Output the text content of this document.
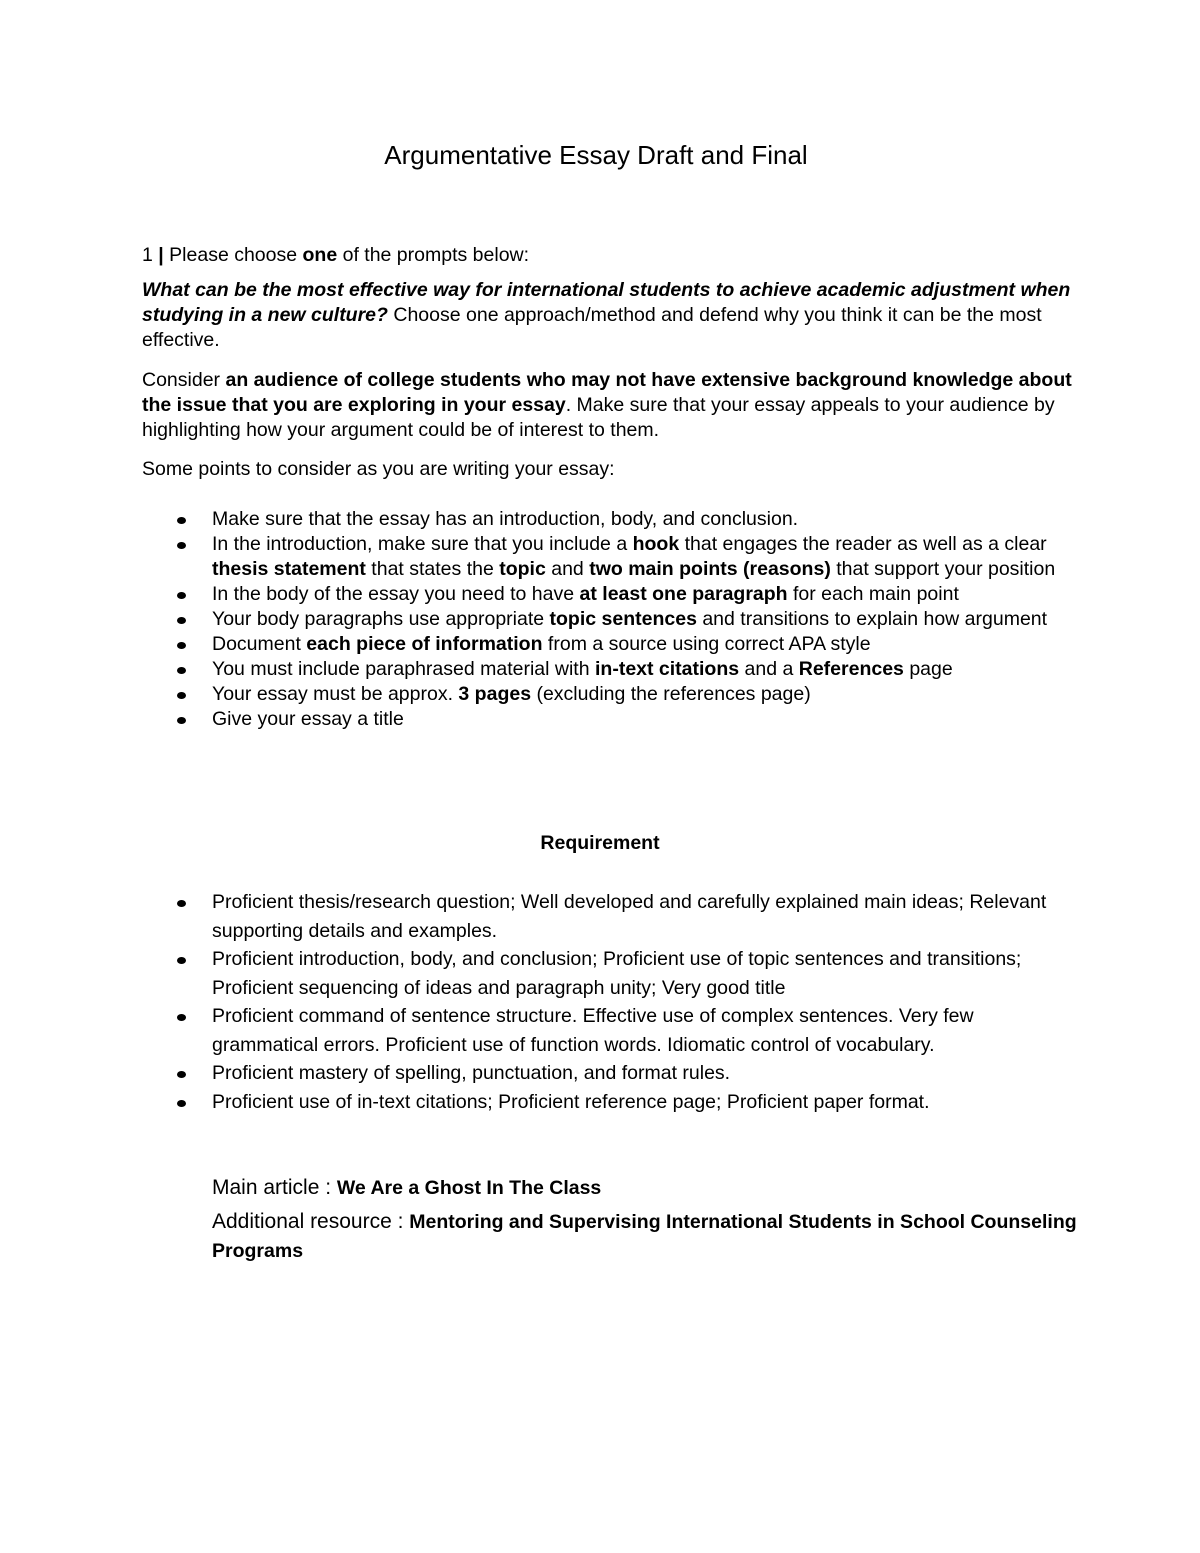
Argumentative Essay Draft and Final

1 | Please choose one of the prompts below:

What can be the most effective way for international students to achieve academic adjustment when studying in a new culture? Choose one approach/method and defend why you think it can be the most effective.

Consider an audience of college students who may not have extensive background knowledge about the issue that you are exploring in your essay. Make sure that your essay appeals to your audience by highlighting how your argument could be of interest to them.

Some points to consider as you are writing your essay:

Make sure that the essay has an introduction, body, and conclusion.
In the introduction, make sure that you include a hook that engages the reader as well as a clear thesis statement that states the topic and two main points (reasons) that support your position
In the body of the essay you need to have at least one paragraph for each main point
Your body paragraphs use appropriate topic sentences and transitions to explain how argument
Document each piece of information from a source using correct APA style
You must include paraphrased material with in-text citations and a References page
Your essay must be approx. 3 pages (excluding the references page)
Give your essay a title
Requirement
Proficient thesis/research question; Well developed and carefully explained main ideas; Relevant supporting details and examples.
Proficient introduction, body, and conclusion; Proficient use of topic sentences and transitions; Proficient sequencing of ideas and paragraph unity; Very good title
Proficient command of sentence structure. Effective use of complex sentences. Very few grammatical errors. Proficient use of function words. Idiomatic control of vocabulary.
Proficient mastery of spelling, punctuation, and format rules.
Proficient use of in-text citations; Proficient reference page; Proficient paper format.

Main article : We Are a Ghost In The Class

Additional resource : Mentoring and Supervising International Students in School Counseling Programs
